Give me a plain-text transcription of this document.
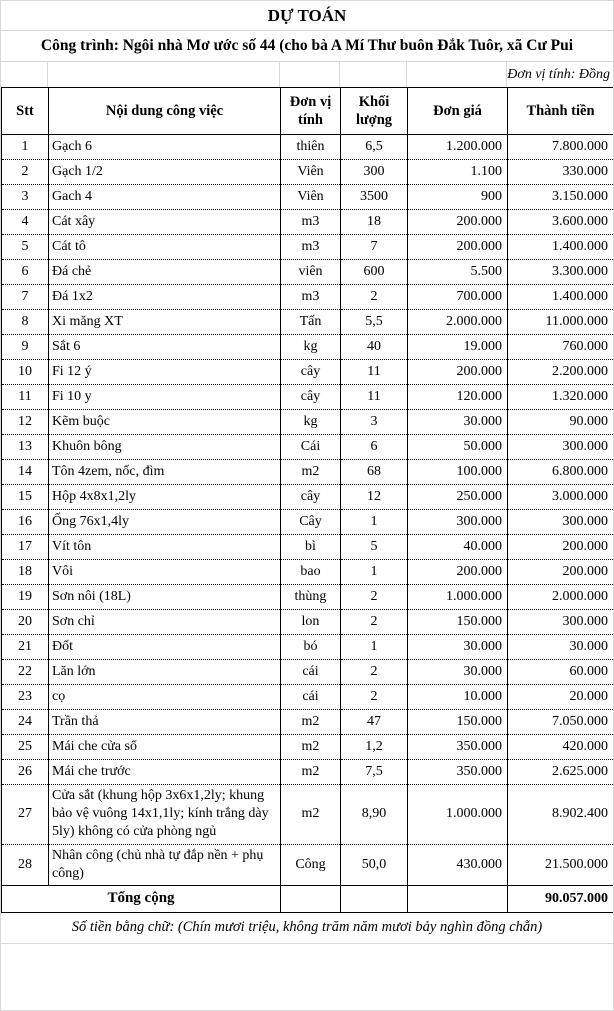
DỰ TOÁN
Công trình: Ngôi nhà Mơ ước số 44 (cho bà A Mí Thư buôn Đắk Tuôr, xã Cư Pui
Đơn vị tính: Đồng
Stt	Nội dung công việc	Đơn vị tính	Khối lượng	Đơn giá	Thành tiền
1	Gạch 6	thiên	6,5	1.200.000	7.800.000
2	Gạch 1/2	Viên	300	1.100	330.000
3	Gach 4	Viên	3500	900	3.150.000
4	Cát xây	m3	18	200.000	3.600.000
5	Cát tô	m3	7	200.000	1.400.000
6	Đá chẻ	viên	600	5.500	3.300.000
7	Đá 1x2	m3	2	700.000	1.400.000
8	Xi măng XT	Tấn	5,5	2.000.000	11.000.000
9	Sắt 6	kg	40	19.000	760.000
10	Fi 12 ý	cây	11	200.000	2.200.000
11	Fi 10 y	cây	11	120.000	1.320.000
12	Kẽm buộc	kg	3	30.000	90.000
13	Khuôn bông	Cái	6	50.000	300.000
14	Tôn 4zem, nốc, đìm	m2	68	100.000	6.800.000
15	Hộp 4x8x1,2ly	cây	12	250.000	3.000.000
16	Ống 76x1,4ly	Cây	1	300.000	300.000
17	Vít tôn	bì	5	40.000	200.000
18	Vôi	bao	1	200.000	200.000
19	Sơn nôi (18L)	thùng	2	1.000.000	2.000.000
20	Sơn chỉ	lon	2	150.000	300.000
21	Đốt	bó	1	30.000	30.000
22	Lăn lớn	cái	2	30.000	60.000
23	cọ	cái	2	10.000	20.000
24	Trần thả	m2	47	150.000	7.050.000
25	Mái che cửa sổ	m2	1,2	350.000	420.000
26	Mái che trước	m2	7,5	350.000	2.625.000
27	Cửa sắt (khung hộp 3x6x1,2ly; khung bảo vệ vuông 14x1,1ly; kính trắng dày 5ly) không có cửa phòng ngủ	m2	8,90	1.000.000	8.902.400
28	Nhân công (chủ nhà tự đắp nền + phụ công)	Công	50,0	430.000	21.500.000
Tổng cộng					90.057.000
Số tiền bằng chữ: (Chín mươi triệu, không trăm năm mươi bảy nghìn đồng chẵn)
